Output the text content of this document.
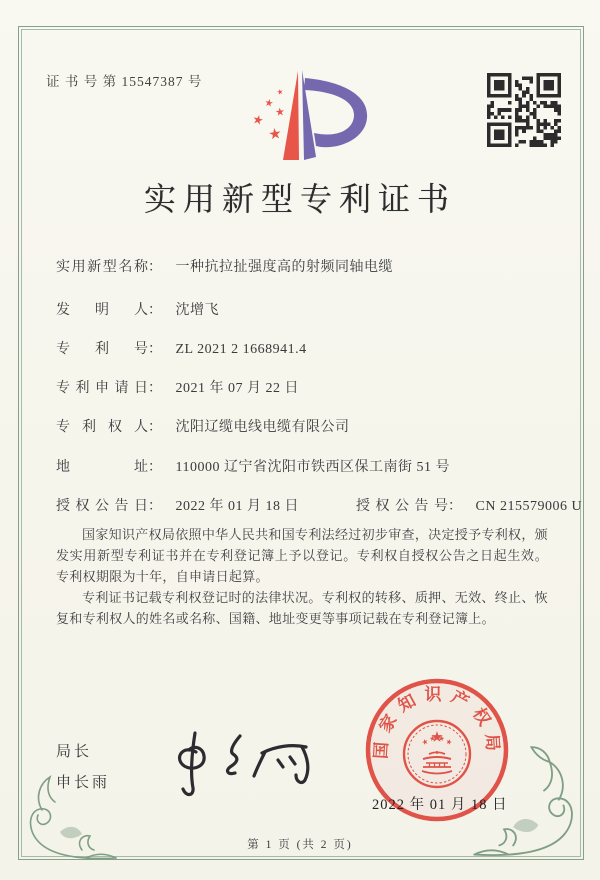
证 书 号 第 15547387 号
实用新型专利证书
实用新型名称： 一种抗拉扯强度高的射频同轴电缆
发明人： 沈增飞
专利号： ZL 2021 2 1668941.4
专利申请日： 2021 年 07 月 22 日
专利权人： 沈阳辽缆电线电缆有限公司
地址： 110000 辽宁省沈阳市铁西区保工南街 51 号
授权公告日： 2022 年 01 月 18 日	授权公告号： CN 215579006 U

国家知识产权局依照中华人民共和国专利法经过初步审查，决定授予专利权，颁发实用新型专利证书并在专利登记簿上予以登记。专利权自授权公告之日起生效。专利权期限为十年，自申请日起算。

专利证书记载专利权登记时的法律状况。专利权的转移、质押、无效、终止、恢复和专利权人的姓名或名称、国籍、地址变更等事项记载在专利登记簿上。

局长
申长雨
国家知识产权局
2022 年 01 月 18 日
第 1 页 (共 2 页)
